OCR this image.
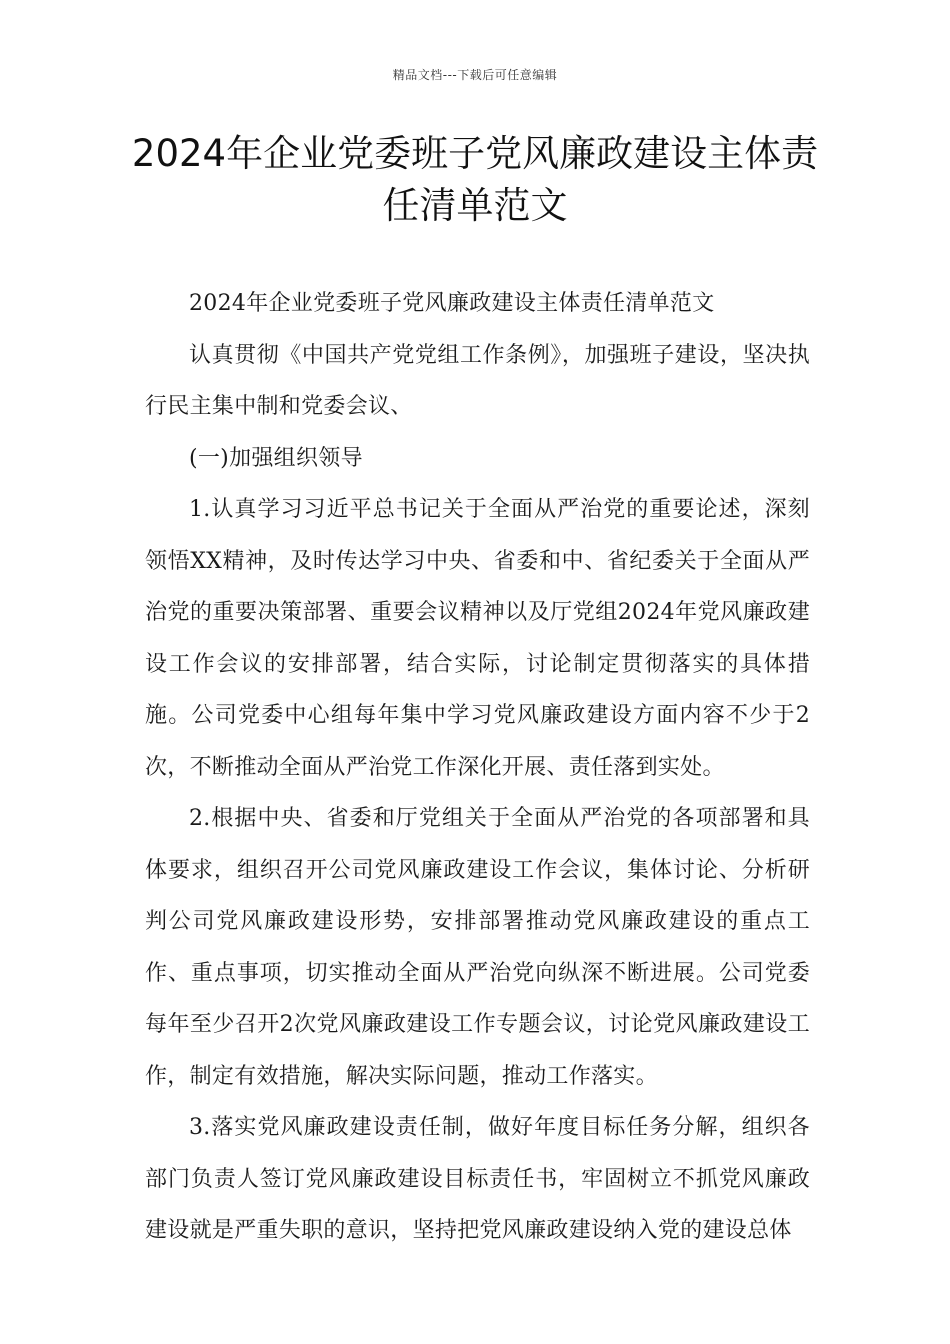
精品文档---下载后可任意编辑
2024年企业党委班子党风廉政建设主体责任清单范文

2024年企业党委班子党风廉政建设主体责任清单范文

认真贯彻《中国共产党党组工作条例》，加强班子建设，坚决执行民主集中制和党委会议、

(一)加强组织领导

1.认真学习习近平总书记关于全面从严治党的重要论述，深刻领悟XX精神，及时传达学习中央、省委和中、省纪委关于全面从严治党的重要决策部署、重要会议精神以及厅党组2024年党风廉政建设工作会议的安排部署，结合实际，讨论制定贯彻落实的具体措施。公司党委中心组每年集中学习党风廉政建设方面内容不少于2次，不断推动全面从严治党工作深化开展、责任落到实处。

2.根据中央、省委和厅党组关于全面从严治党的各项部署和具体要求，组织召开公司党风廉政建设工作会议，集体讨论、分析研判公司党风廉政建设形势，安排部署推动党风廉政建设的重点工作、重点事项，切实推动全面从严治党向纵深不断进展。公司党委每年至少召开2次党风廉政建设工作专题会议，讨论党风廉政建设工作，制定有效措施，解决实际问题，推动工作落实。

3.落实党风廉政建设责任制，做好年度目标任务分解，组织各部门负责人签订党风廉政建设目标责任书，牢固树立不抓党风廉政建设就是严重失职的意识，坚持把党风廉政建设纳入党的建设总体
